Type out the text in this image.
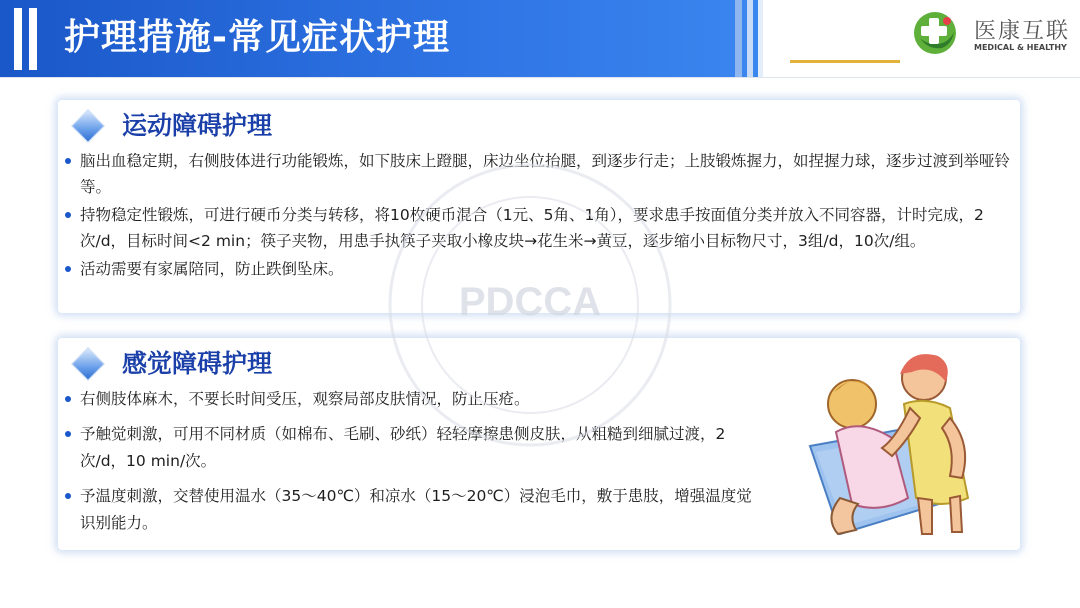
护理措施-常见症状护理	医康互联
MEDICAL & HEALTHY
运动障碍护理
脑出血稳定期，右侧肢体进行功能锻炼，如下肢床上蹬腿，床边坐位抬腿，到逐步行走；上肢锻炼握力，如捏握力球，逐步过渡到举哑铃等。
持物稳定性锻炼，可进行硬币分类与转移，将10枚硬币混合（1元、5角、1角），要求患手按面值分类并放入不同容器，计时完成，2次/d，目标时间<2 min；筷子夹物，用患手执筷子夹取小橡皮块→花生米→黄豆，逐步缩小目标物尺寸，3组/d，10次/组。
活动需要有家属陪同，防止跌倒坠床。
感觉障碍护理
右侧肢体麻木，不要长时间受压，观察局部皮肤情况，防止压疮。
予触觉刺激，可用不同材质（如棉布、毛刷、砂纸）轻轻摩擦患侧皮肤，从粗糙到细腻过渡，2次/d，10 min/次。
予温度刺激，交替使用温水（35～40℃）和凉水（15～20℃）浸泡毛巾，敷于患肢，增强温度觉识别能力。
PDCCA
